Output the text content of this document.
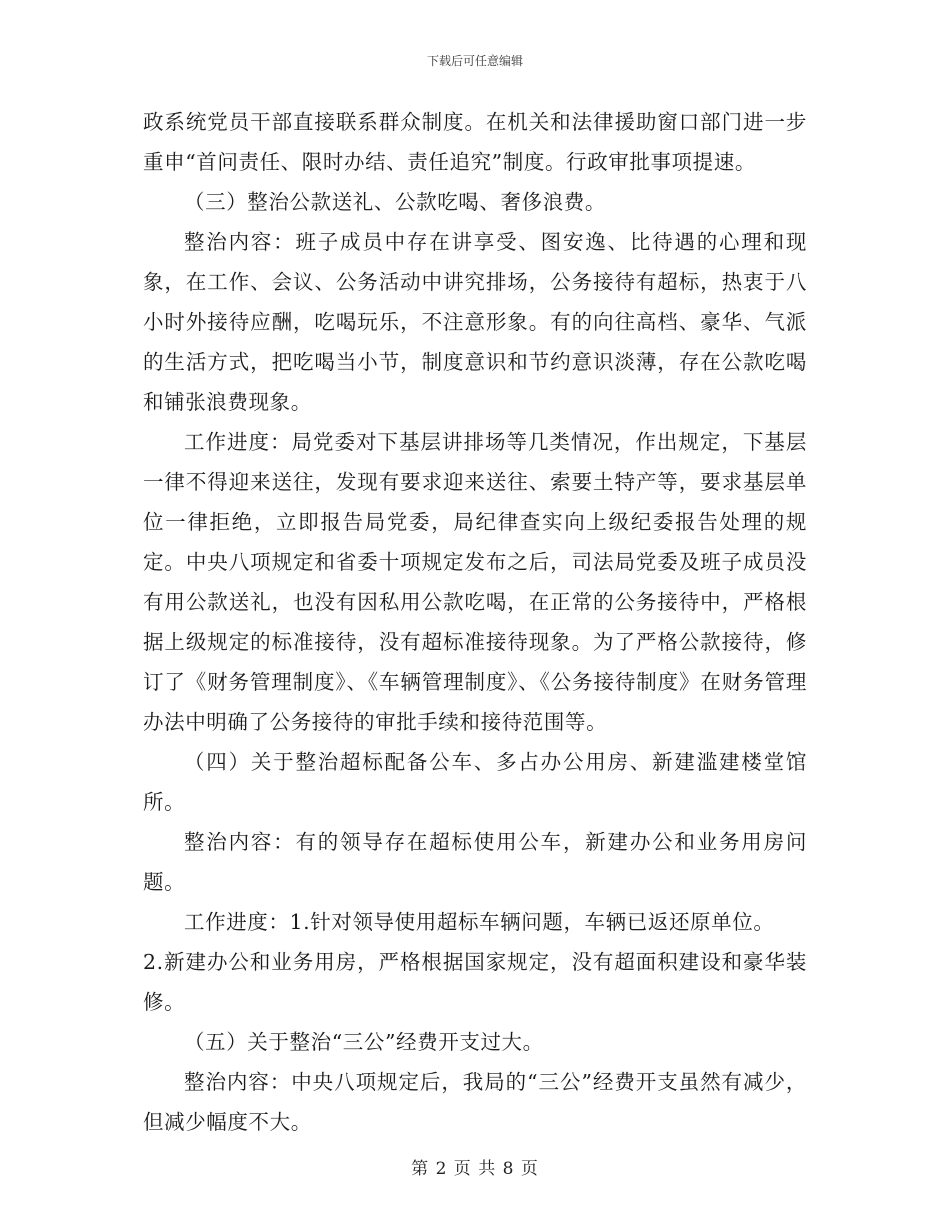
下载后可任意编辑

政系统党员干部直接联系群众制度。在机关和法律援助窗口部门进一步重申“首问责任、限时办结、责任追究”制度。行政审批事项提速。

（三）整治公款送礼、公款吃喝、奢侈浪费。

整治内容：班子成员中存在讲享受、图安逸、比待遇的心理和现象，在工作、会议、公务活动中讲究排场，公务接待有超标，热衷于八小时外接待应酬，吃喝玩乐，不注意形象。有的向往高档、豪华、气派的生活方式，把吃喝当小节，制度意识和节约意识淡薄，存在公款吃喝和铺张浪费现象。

工作进度：局党委对下基层讲排场等几类情况，作出规定，下基层一律不得迎来送往，发现有要求迎来送往、索要土特产等，要求基层单位一律拒绝，立即报告局党委，局纪律查实向上级纪委报告处理的规定。中央八项规定和省委十项规定发布之后，司法局党委及班子成员没有用公款送礼，也没有因私用公款吃喝，在正常的公务接待中，严格根据上级规定的标准接待，没有超标准接待现象。为了严格公款接待，修订了《财务管理制度》、《车辆管理制度》、《公务接待制度》在财务管理办法中明确了公务接待的审批手续和接待范围等。

（四）关于整治超标配备公车、多占办公用房、新建滥建楼堂馆所。

整治内容：有的领导存在超标使用公车，新建办公和业务用房问题。

工作进度：1.针对领导使用超标车辆问题，车辆已返还原单位。

2.新建办公和业务用房，严格根据国家规定，没有超面积建设和豪华装修。

（五）关于整治“三公”经费开支过大。

整治内容：中央八项规定后，我局的“三公”经费开支虽然有减少，但减少幅度不大。

第 2 页 共 8 页
